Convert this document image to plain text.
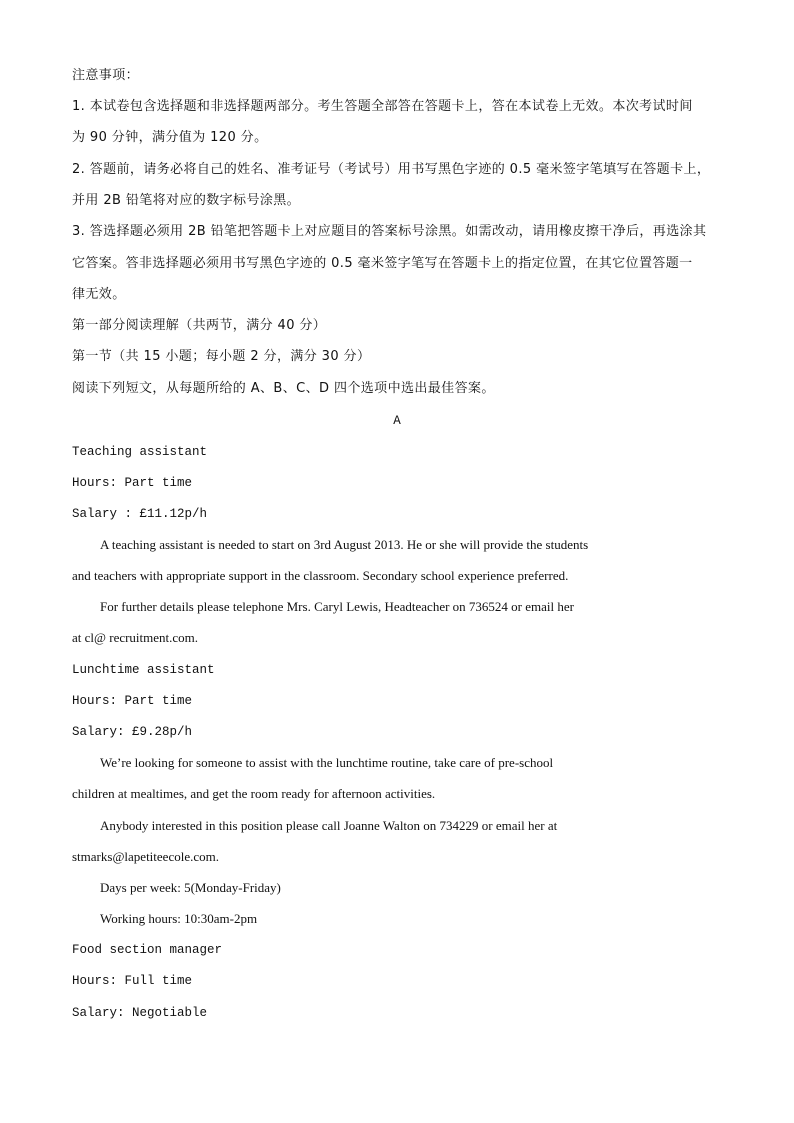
注意事项：
1. 本试卷包含选择题和非选择题两部分。考生答题全部答在答题卡上，答在本试卷上无效。本次考试时间
为 90 分钟，满分值为 120 分。
2. 答题前，请务必将自己的姓名、准考证号（考试号）用书写黑色字迹的 0.5 毫米签字笔填写在答题卡上，
并用 2B 铅笔将对应的数字标号涂黑。
3. 答选择题必须用 2B 铅笔把答题卡上对应题目的答案标号涂黑。如需改动，请用橡皮擦干净后，再选涂其
它答案。答非选择题必须用书写黑色字迹的 0.5 毫米签字笔写在答题卡上的指定位置，在其它位置答题一
律无效。
第一部分阅读理解（共两节，满分 40 分）
第一节（共 15 小题；每小题 2 分，满分 30 分）
阅读下列短文，从每题所给的 A、B、C、D 四个选项中选出最佳答案。
A
Teaching assistant
Hours: Part time
Salary : £11.12p/h
A teaching assistant is needed to start on 3rd August 2013. He or she will provide the students
and teachers with appropriate support in the classroom. Secondary school experience preferred.
For further details please telephone Mrs. Caryl Lewis, Headteacher on 736524 or email her
at cl@ recruitment.com.
Lunchtime assistant
Hours: Part time
Salary: £9.28p/h
We’re looking for someone to assist with the lunchtime routine, take care of pre-school
children at mealtimes, and get the room ready for afternoon activities.
Anybody interested in this position please call Joanne Walton on 734229 or email her at
stmarks@lapetiteecole.com.
Days per week: 5(Monday-Friday)
Working hours: 10:30am-2pm
Food section manager
Hours: Full time
Salary: Negotiable
